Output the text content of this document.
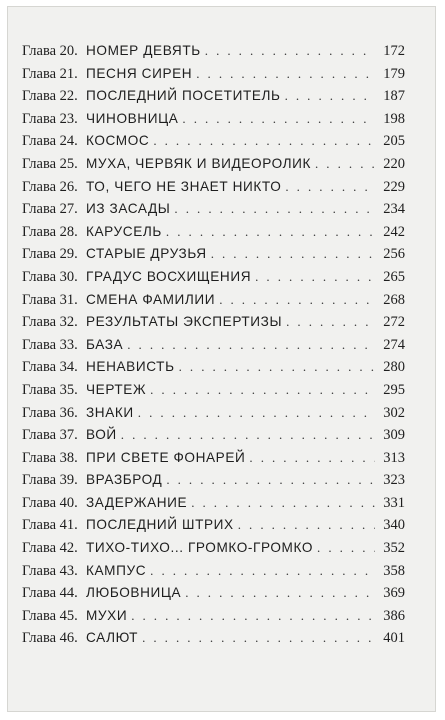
Глава 20. НОМЕР ДЕВЯТЬ . . .	172
Глава 21. ПЕСНЯ СИРЕН . . .	179
Глава 22. ПОСЛЕДНИЙ ПОСЕТИТЕЛЬ . . .	187
Глава 23. ЧИНОВНИЦА . . .	198
Глава 24. КОСМОС . . .	205
Глава 25. МУХА, ЧЕРВЯК И ВИДЕОРОЛИК . . .	220
Глава 26. ТО, ЧЕГО НЕ ЗНАЕТ НИКТО . . .	229
Глава 27. ИЗ ЗАСАДЫ . . .	234
Глава 28. КАРУСЕЛЬ . . .	242
Глава 29. СТАРЫЕ ДРУЗЬЯ . . .	256
Глава 30. ГРАДУС ВОСХИЩЕНИЯ . . .	265
Глава 31. СМЕНА ФАМИЛИИ . . .	268
Глава 32. РЕЗУЛЬТАТЫ ЭКСПЕРТИЗЫ . . .	272
Глава 33. БАЗА . . .	274
Глава 34. НЕНАВИСТЬ . . .	280
Глава 35. ЧЕРТЕЖ . . .	295
Глава 36. ЗНАКИ . . .	302
Глава 37. ВОЙ . . .	309
Глава 38. ПРИ СВЕТЕ ФОНАРЕЙ . . .	313
Глава 39. ВРАЗБРОД . . .	323
Глава 40. ЗАДЕРЖАНИЕ . . .	331
Глава 41. ПОСЛЕДНИЙ ШТРИХ . . .	340
Глава 42. ТИХО-ТИХО... ГРОМКО-ГРОМКО . . .	352
Глава 43. КАМПУС . . .	358
Глава 44. ЛЮБОВНИЦА . . .	369
Глава 45. МУХИ . . .	386
Глава 46. САЛЮТ . . .	401
